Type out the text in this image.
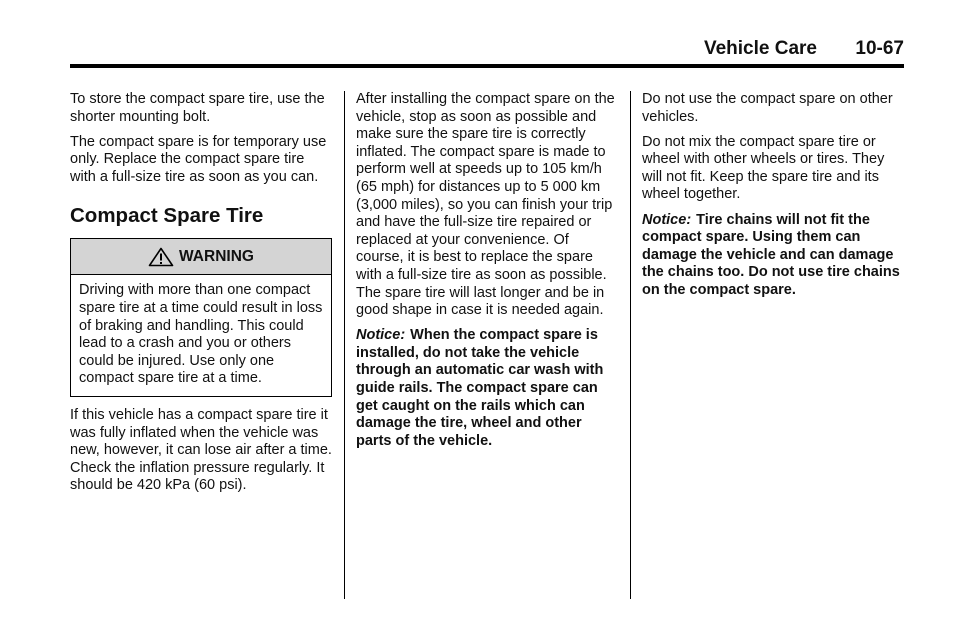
Vehicle Care 10-67

To store the compact spare tire, use the shorter mounting bolt.

The compact spare is for temporary use only. Replace the compact spare tire with a full-size tire as soon as you can.

Compact Spare Tire
WARNING
Driving with more than one compact spare tire at a time could result in loss of braking and handling. This could lead to a crash and you or others could be injured. Use only one compact spare tire at a time.

If this vehicle has a compact spare tire it was fully inflated when the vehicle was new, however, it can lose air after a time. Check the inflation pressure regularly. It should be 420 kPa (60 psi).

After installing the compact spare on the vehicle, stop as soon as possible and make sure the spare tire is correctly inflated. The compact spare is made to perform well at speeds up to 105 km/h (65 mph) for distances up to 5 000 km (3,000 miles), so you can finish your trip and have the full-size tire repaired or replaced at your convenience. Of course, it is best to replace the spare with a full-size tire as soon as possible. The spare tire will last longer and be in good shape in case it is needed again.

Notice: When the compact spare is installed, do not take the vehicle through an automatic car wash with guide rails. The compact spare can get caught on the rails which can damage the tire, wheel and other parts of the vehicle.

Do not use the compact spare on other vehicles.

Do not mix the compact spare tire or wheel with other wheels or tires. They will not fit. Keep the spare tire and its wheel together.

Notice: Tire chains will not fit the compact spare. Using them can damage the vehicle and can damage the chains too. Do not use tire chains on the compact spare.
